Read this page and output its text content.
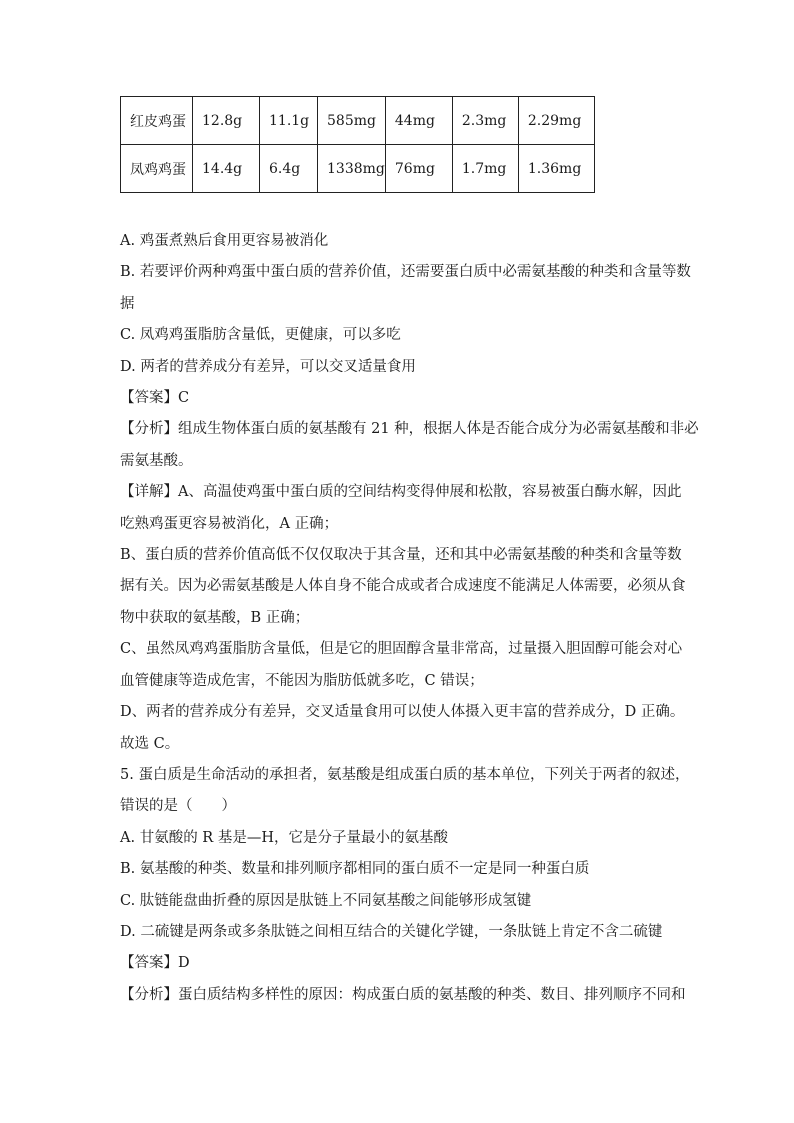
红皮鸡蛋	12.8g	11.1g	585mg	44mg	2.3mg	2.29mg
凤鸡鸡蛋	14.4g	6.4g	1338mg	76mg	1.7mg	1.36mg

A. 鸡蛋煮熟后食用更容易被消化

B. 若要评价两种鸡蛋中蛋白质的营养价值，还需要蛋白质中必需氨基酸的种类和含量等数

据

C. 凤鸡鸡蛋脂肪含量低，更健康，可以多吃

D. 两者的营养成分有差异，可以交叉适量食用

【答案】C

【分析】组成生物体蛋白质的氨基酸有 21 种，根据人体是否能合成分为必需氨基酸和非必

需氨基酸。

【详解】A、高温使鸡蛋中蛋白质的空间结构变得伸展和松散，容易被蛋白酶水解，因此

吃熟鸡蛋更容易被消化，A 正确；

B、蛋白质的营养价值高低不仅仅取决于其含量，还和其中必需氨基酸的种类和含量等数

据有关。因为必需氨基酸是人体自身不能合成或者合成速度不能满足人体需要，必须从食

物中获取的氨基酸，B 正确；

C、虽然凤鸡鸡蛋脂肪含量低，但是它的胆固醇含量非常高，过量摄入胆固醇可能会对心

血管健康等造成危害，不能因为脂肪低就多吃，C 错误；

D、两者的营养成分有差异，交叉适量食用可以使人体摄入更丰富的营养成分，D 正确。

故选 C。

5. 蛋白质是生命活动的承担者，氨基酸是组成蛋白质的基本单位，下列关于两者的叙述，

错误的是（　　）

A. 甘氨酸的 R 基是—H，它是分子量最小的氨基酸

B. 氨基酸的种类、数量和排列顺序都相同的蛋白质不一定是同一种蛋白质

C. 肽链能盘曲折叠的原因是肽链上不同氨基酸之间能够形成氢键

D. 二硫键是两条或多条肽链之间相互结合的关键化学键，一条肽链上肯定不含二硫键

【答案】D

【分析】蛋白质结构多样性的原因：构成蛋白质的氨基酸的种类、数目、排列顺序不同和
